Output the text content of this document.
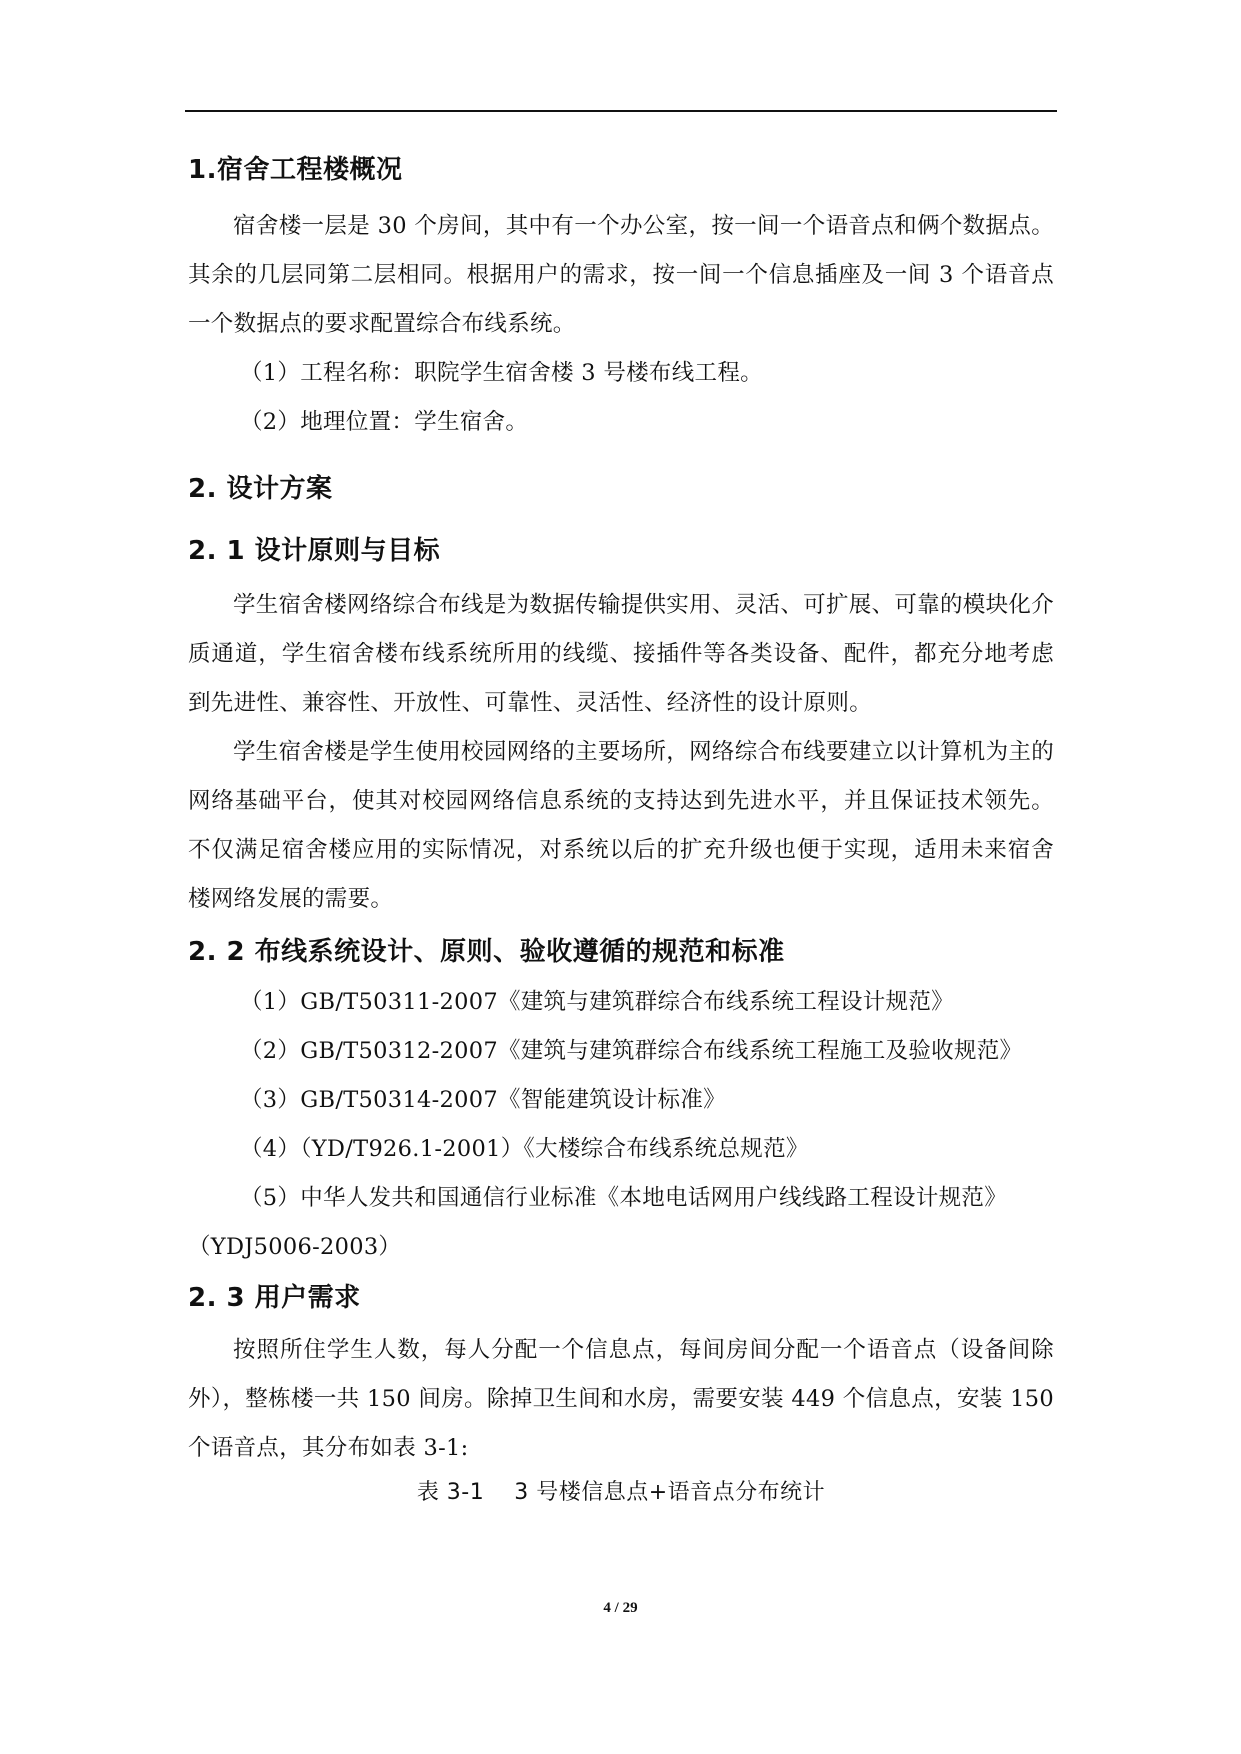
1.宿舍工程楼概况

宿舍楼一层是 30 个房间，其中有一个办公室，按一间一个语音点和俩个数据点。其余的几层同第二层相同。根据用户的需求，按一间一个信息插座及一间 3 个语音点一个数据点的要求配置综合布线系统。

（1）工程名称：职院学生宿舍楼 3 号楼布线工程。

（2）地理位置：学生宿舍。

2. 设计方案
2. 1 设计原则与目标

学生宿舍楼网络综合布线是为数据传输提供实用、灵活、可扩展、可靠的模块化介质通道，学生宿舍楼布线系统所用的线缆、接插件等各类设备、配件，都充分地考虑到先进性、兼容性、开放性、可靠性、灵活性、经济性的设计原则。

学生宿舍楼是学生使用校园网络的主要场所，网络综合布线要建立以计算机为主的网络基础平台，使其对校园网络信息系统的支持达到先进水平，并且保证技术领先。不仅满足宿舍楼应用的实际情况，对系统以后的扩充升级也便于实现，适用未来宿舍楼网络发展的需要。

2. 2 布线系统设计、原则、验收遵循的规范和标准

（1）GB/T50311-2007《建筑与建筑群综合布线系统工程设计规范》

（2）GB/T50312-2007《建筑与建筑群综合布线系统工程施工及验收规范》

（3）GB/T50314-2007《智能建筑设计标准》

（4）（YD/T926.1-2001）《大楼综合布线系统总规范》

（5）中华人发共和国通信行业标准《本地电话网用户线线路工程设计规范》

（YDJ5006-2003）

2. 3 用户需求

按照所住学生人数，每人分配一个信息点，每间房间分配一个语音点（设备间除外），整栋楼一共 150 间房。除掉卫生间和水房，需要安装 449 个信息点，安装 150 个语音点，其分布如表 3-1:

表 3-1　 3 号楼信息点+语音点分布统计

4 / 29
